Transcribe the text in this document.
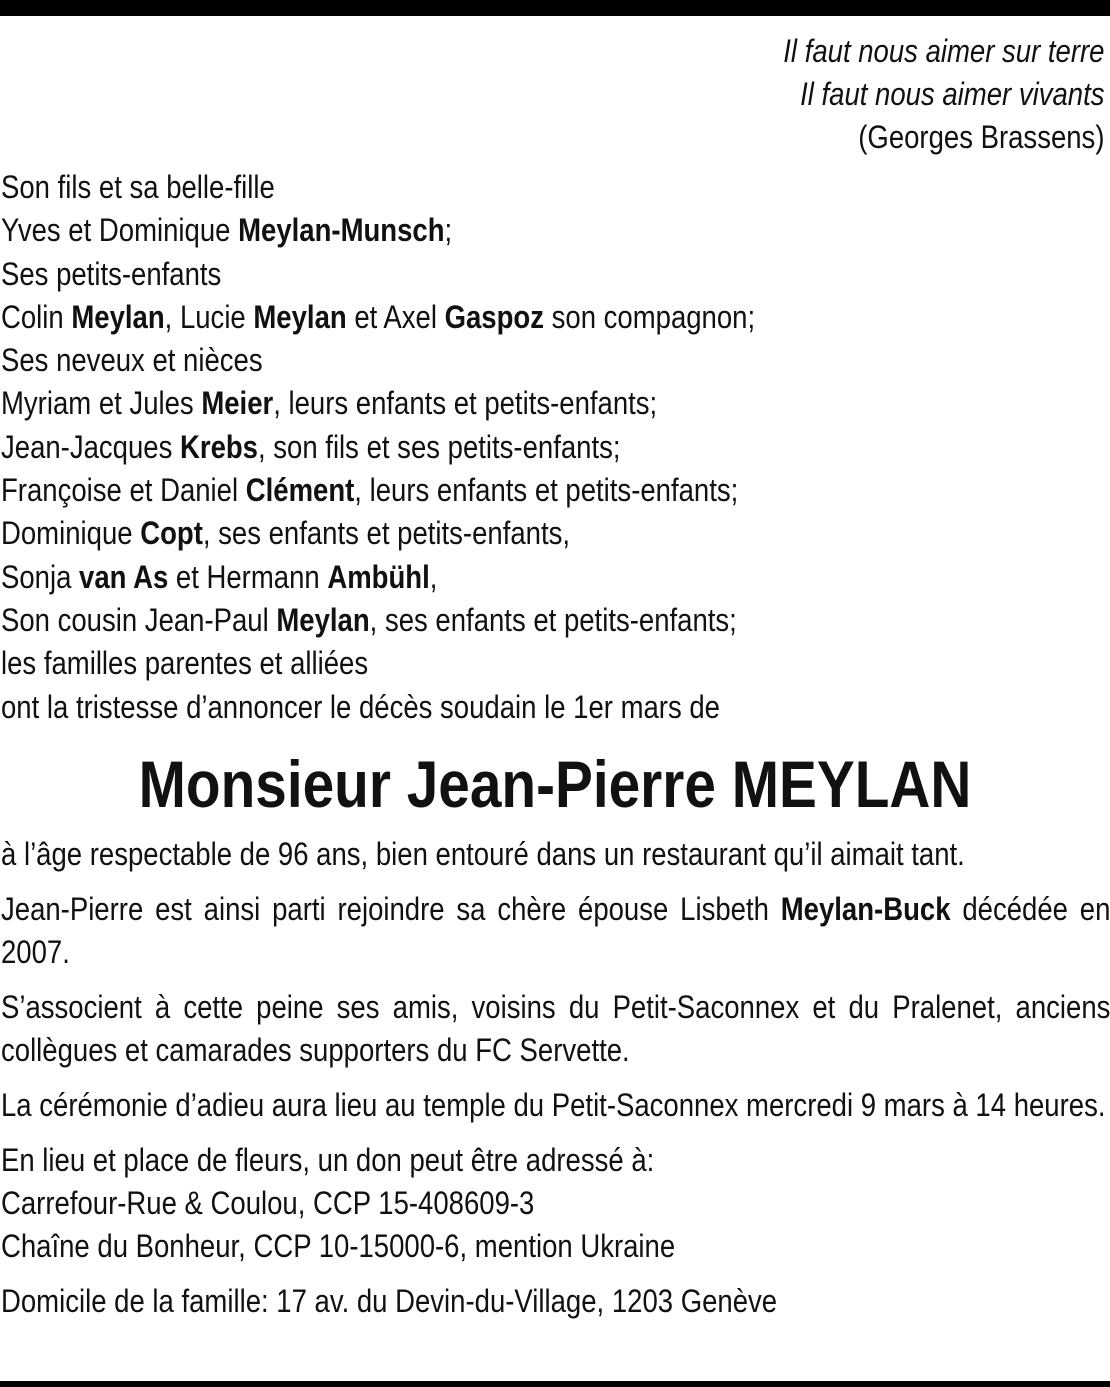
Il faut nous aimer sur terre
Il faut nous aimer vivants
(Georges Brassens)
Son fils et sa belle-fille
Yves et Dominique Meylan-Munsch;
Ses petits-enfants
Colin Meylan, Lucie Meylan et Axel Gaspoz son compagnon;
Ses neveux et nièces
Myriam et Jules Meier, leurs enfants et petits-enfants;
Jean-Jacques Krebs, son fils et ses petits-enfants;
Françoise et Daniel Clément, leurs enfants et petits-enfants;
Dominique Copt, ses enfants et petits-enfants,
Sonja van As et Hermann Ambühl,
Son cousin Jean-Paul Meylan, ses enfants et petits-enfants;
les familles parentes et alliées
ont la tristesse d’annoncer le décès soudain le 1er mars de
Monsieur Jean-Pierre MEYLAN

à l’âge respectable de 96 ans, bien entouré dans un restaurant qu’il aimait tant.

Jean-Pierre est ainsi parti rejoindre sa chère épouse Lisbeth Meylan-Buck décédée en 2007.

S’associent à cette peine ses amis, voisins du Petit-Saconnex et du Pralenet, anciens collègues et camarades supporters du FC Servette.

La cérémonie d’adieu aura lieu au temple du Petit-Saconnex mercredi 9 mars à 14 heures.

En lieu et place de fleurs, un don peut être adressé à:
Carrefour-Rue & Coulou, CCP 15-408609-3
Chaîne du Bonheur, CCP 10-15000-6, mention Ukraine

Domicile de la famille: 17 av. du Devin-du-Village, 1203 Genève
